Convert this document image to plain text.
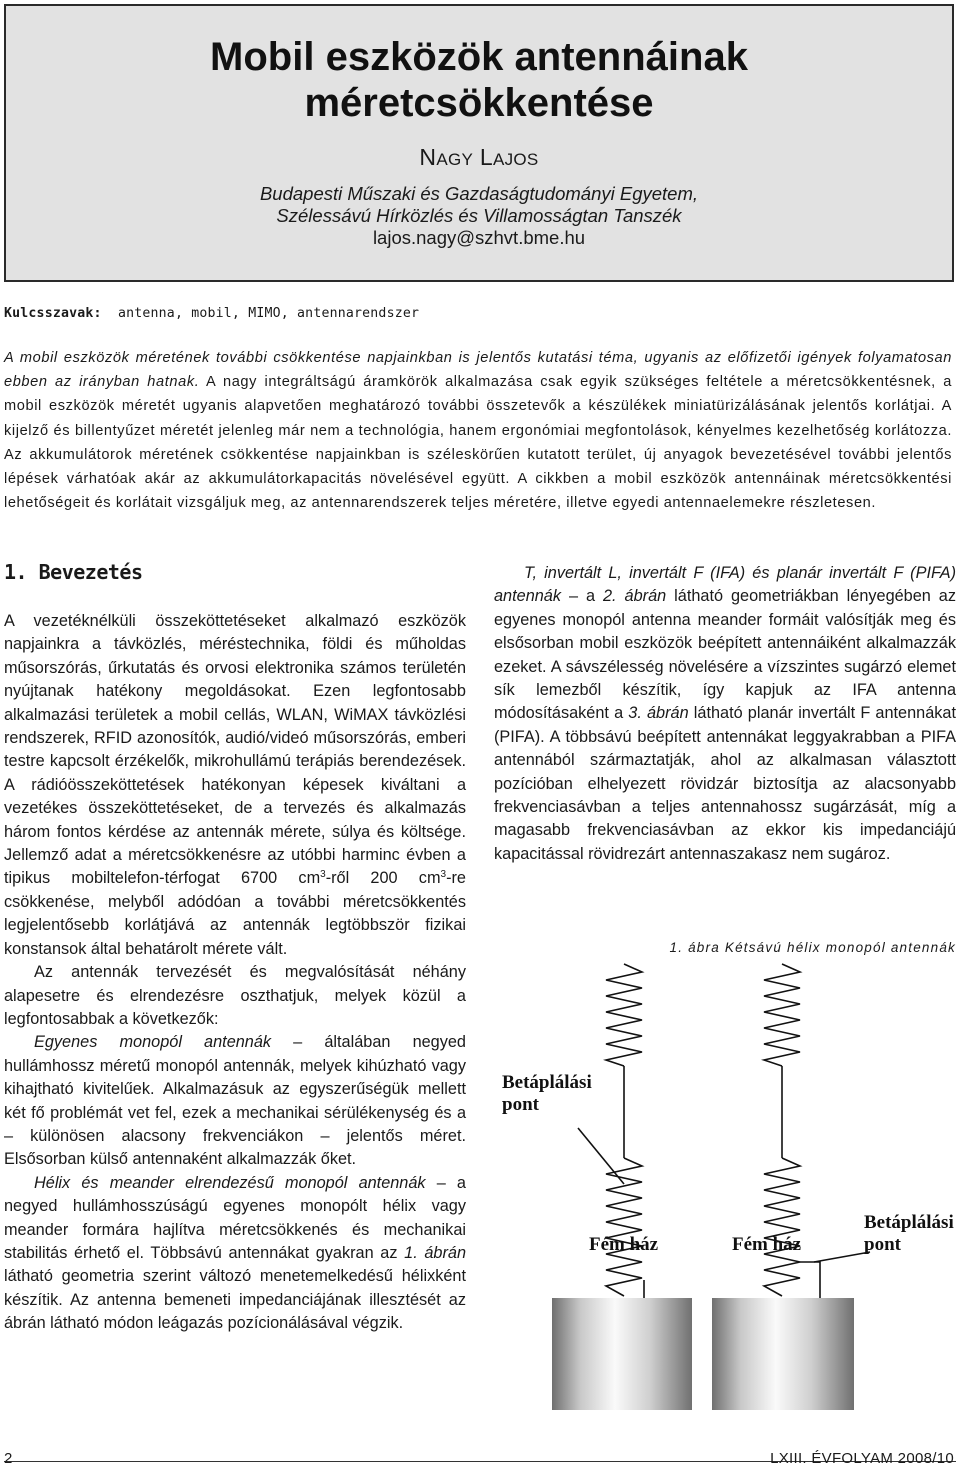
Mobil eszközök antennáinak
méretcsökkentése
NAGY LAJOS
Budapesti Műszaki és Gazdaságtudományi Egyetem,
Szélessávú Hírközlés és Villamosságtan Tanszék
lajos.nagy@szhvt.bme.hu
Kulcsszavak: antenna, mobil, MIMO, antennarendszer
A mobil eszközök méretének további csökkentése napjainkban is jelentős kutatási téma, ugyanis az előfizetői igények folyamatosan ebben az irányban hatnak. A nagy integráltságú áramkörök alkalmazása csak egyik szükséges feltétele a méretcsökkentésnek, a mobil eszközök méretét ugyanis alapvetően meghatározó további összetevők a készülékek miniatürizálásának jelentős korlátjai. A kijelző és billentyűzet méretét jelenleg már nem a technológia, hanem ergonómiai megfontolások, kényelmes kezelhetőség korlátozza. Az akkumulátorok méretének csökkentése napjainkban is széleskörűen kutatott terület, új anyagok bevezetésével további jelentős lépések várhatóak akár az akkumulátorkapacitás növelésével együtt. A cikkben a mobil eszközök antennáinak méretcsökkentési lehetőségeit és korlátait vizsgáljuk meg, az antennarendszerek teljes méretére, illetve egyedi antennaelemekre részletesen.
1. Bevezetés

A vezetéknélküli összeköttetéseket alkalmazó eszközök napjainkra a távközlés, méréstechnika, földi és műholdas műsorszórás, űrkutatás és orvosi elektronika számos területén nyújtanak hatékony megoldásokat. Ezen legfontosabb alkalmazási területek a mobil cellás, WLAN, WiMAX távközlési rendszerek, RFID azonosítók, audió/videó műsorszórás, emberi testre kapcsolt érzékelők, mikrohullámú terápiás berendezések. A rádióösszeköttetések hatékonyan képesek kiváltani a vezetékes összeköttetéseket, de a tervezés és alkalmazás három fontos kérdése az antennák mérete, súlya és költsége. Jellemző adat a méretcsökkenésre az utóbbi harminc évben a tipikus mobiltelefon-térfogat 6700 $cm^3$-ről 200 $cm^3-re$ csökkenése, melyből adódóan a további méretcsökkentés legjelentősebb korlátjává az antennák legtöbbször fizikai konstansok által behatárolt mérete vált.

Az antennák tervezését és megvalósítását néhány alapesetre és elrendezésre oszthatjuk, melyek közül a legfontosabbak a következők:

Egyenes monopól antennák – általában negyed hullámhossz méretű monopól antennák, melyek kihúzható vagy kihajtható kivitelűek. Alkalmazásuk az egyszerűségük mellett két fő problémát vet fel, ezek a mechanikai sérülékenység és a – különösen alacsony frekvenciákon – jelentős méret. Elsősorban külső antennaként alkalmazzák őket.

Hélix és meander elrendezésű monopól antennák – a negyed hullámhosszúságú egyenes monopólt hélix vagy meander formára hajlítva méretcsökkenés és mechanikai stabilitás érhető el. Többsávú antennákat gyakran az 1. ábrán látható geometria szerint változó menetemelkedésű hélixként készítik. Az antenna bemeneti impedanciájának illesztését az ábrán látható módon leágazás pozícionálásával végzik.

T, invertált L, invertált F (IFA) és planár invertált F (PIFA) antennák – a 2. ábrán látható geometriákban lényegében az egyenes monopól antenna meander formáit valósítják meg és elsősorban mobil eszközök beépített antennáiként alkalmazzák ezeket. A sávszélesség növelésére a vízszintes sugárzó elemet sík lemezből készítik, így kapjuk az IFA antenna módosításaként a 3. ábrán látható planár invertált F antennákat (PIFA). A többsávú beépített antennákat leggyakrabban a PIFA antennából származtatják, ahol az alkalmasan választott pozícióban elhelyezett rövidzár biztosítja az alacsonyabb frekvenciasávban a teljes antennahossz sugárzását, míg a magasabb frekvenciasávban az ekkor kis impedanciájú kapacitással rövidrezárt antennaszakasz nem sugároz.

1. ábra Kétsávú hélix monopól antennák
Betáplálási
pont
Betáplálási
pont
Fém ház	Fém ház
2	LXIII. ÉVFOLYAM 2008/10
